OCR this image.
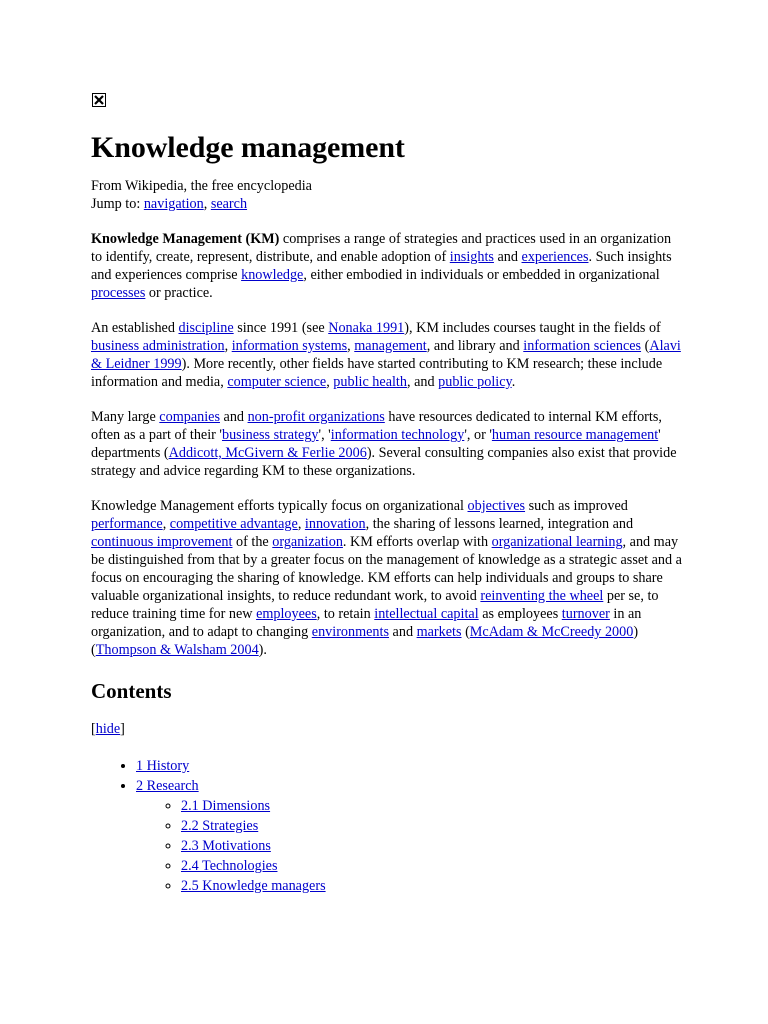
Knowledge management
From Wikipedia, the free encyclopedia
Jump to: navigation, search

Knowledge Management (KM) comprises a range of strategies and practices used in an organization to identify, create, represent, distribute, and enable adoption of insights and experiences. Such insights and experiences comprise knowledge, either embodied in individuals or embedded in organizational processes or practice.

An established discipline since 1991 (see Nonaka 1991), KM includes courses taught in the fields of business administration, information systems, management, and library and information sciences (Alavi & Leidner 1999). More recently, other fields have started contributing to KM research; these include information and media, computer science, public health, and public policy.

Many large companies and non-profit organizations have resources dedicated to internal KM efforts, often as a part of their 'business strategy', 'information technology', or 'human resource management' departments (Addicott, McGivern & Ferlie 2006). Several consulting companies also exist that provide strategy and advice regarding KM to these organizations.

Knowledge Management efforts typically focus on organizational objectives such as improved performance, competitive advantage, innovation, the sharing of lessons learned, integration and continuous improvement of the organization. KM efforts overlap with organizational learning, and may be distinguished from that by a greater focus on the management of knowledge as a strategic asset and a focus on encouraging the sharing of knowledge. KM efforts can help individuals and groups to share valuable organizational insights, to reduce redundant work, to avoid reinventing the wheel per se, to reduce training time for new employees, to retain intellectual capital as employees turnover in an organization, and to adapt to changing environments and markets (McAdam & McCreedy 2000) (Thompson & Walsham 2004).

Contents
[hide]
• 1 History
• 2 Research
◦ 2.1 Dimensions
◦ 2.2 Strategies
◦ 2.3 Motivations
◦ 2.4 Technologies
◦ 2.5 Knowledge managers
